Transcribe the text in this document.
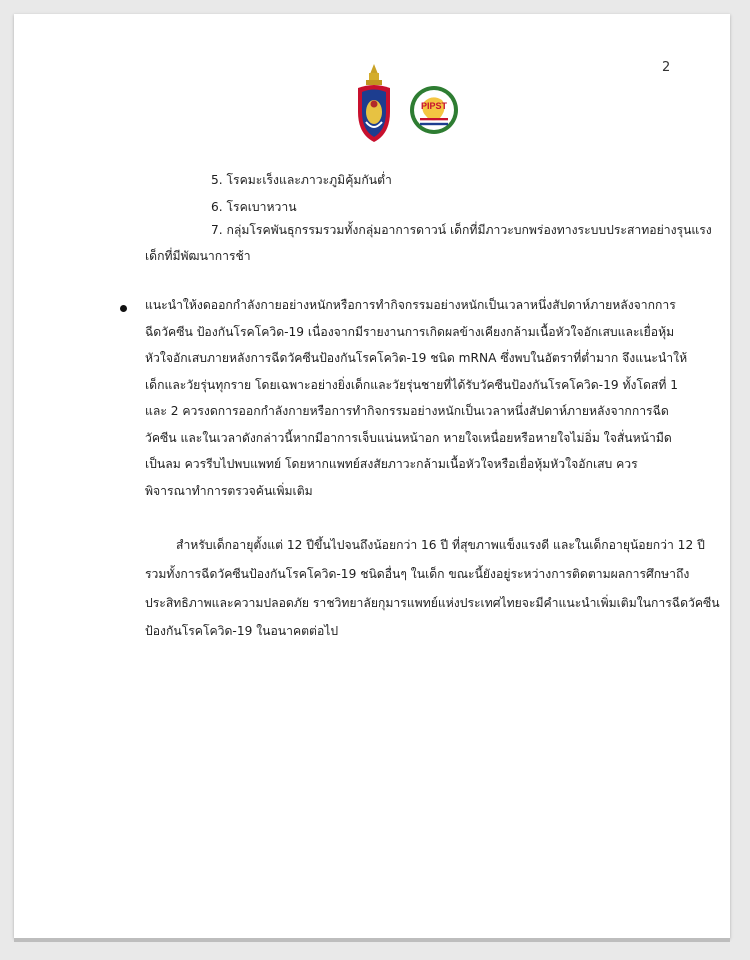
2
PIPST
5. โรคมะเร็งและภาวะภูมิคุ้มกันต่ำ
6. โรคเบาหวาน
7. กลุ่มโรคพันธุกรรมรวมทั้งกลุ่มอาการดาวน์ เด็กที่มีภาวะบกพร่องทางระบบประสาทอย่างรุนแรง
เด็กที่มีพัฒนาการช้า
แนะนำให้งดออกกำลังกายอย่างหนักหรือการทำกิจกรรมอย่างหนักเป็นเวลาหนึ่งสัปดาห์ภายหลังจากการ
ฉีดวัคซีน ป้องกันโรคโควิด-19 เนื่องจากมีรายงานการเกิดผลข้างเคียงกล้ามเนื้อหัวใจอักเสบและเยื่อหุ้ม
หัวใจอักเสบภายหลังการฉีดวัคซีนป้องกันโรคโควิด-19 ชนิด mRNA ซึ่งพบในอัตราที่ต่ำมาก จึงแนะนำให้
เด็กและวัยรุ่นทุกราย โดยเฉพาะอย่างยิ่งเด็กและวัยรุ่นชายที่ได้รับวัคซีนป้องกันโรคโควิด-19 ทั้งโดสที่ 1
และ 2 ควรงดการออกกำลังกายหรือการทำกิจกรรมอย่างหนักเป็นเวลาหนึ่งสัปดาห์ภายหลังจากการฉีด
วัคซีน และในเวลาดังกล่าวนี้หากมีอาการเจ็บแน่นหน้าอก หายใจเหนื่อยหรือหายใจไม่อิ่ม ใจสั่นหน้ามืด
เป็นลม ควรรีบไปพบแพทย์ โดยหากแพทย์สงสัยภาวะกล้ามเนื้อหัวใจหรือเยื่อหุ้มหัวใจอักเสบ ควร
พิจารณาทำการตรวจค้นเพิ่มเติม
สำหรับเด็กอายุตั้งแต่ 12 ปีขึ้นไปจนถึงน้อยกว่า 16 ปี ที่สุขภาพแข็งแรงดี และในเด็กอายุน้อยกว่า 12 ปี
รวมทั้งการฉีดวัคซีนป้องกันโรคโควิด-19 ชนิดอื่นๆ ในเด็ก ขณะนี้ยังอยู่ระหว่างการติดตามผลการศึกษาถึง
ประสิทธิภาพและความปลอดภัย ราชวิทยาลัยกุมารแพทย์แห่งประเทศไทยจะมีคำแนะนำเพิ่มเติมในการฉีดวัคซีน
ป้องกันโรคโควิด-19 ในอนาคตต่อไป
